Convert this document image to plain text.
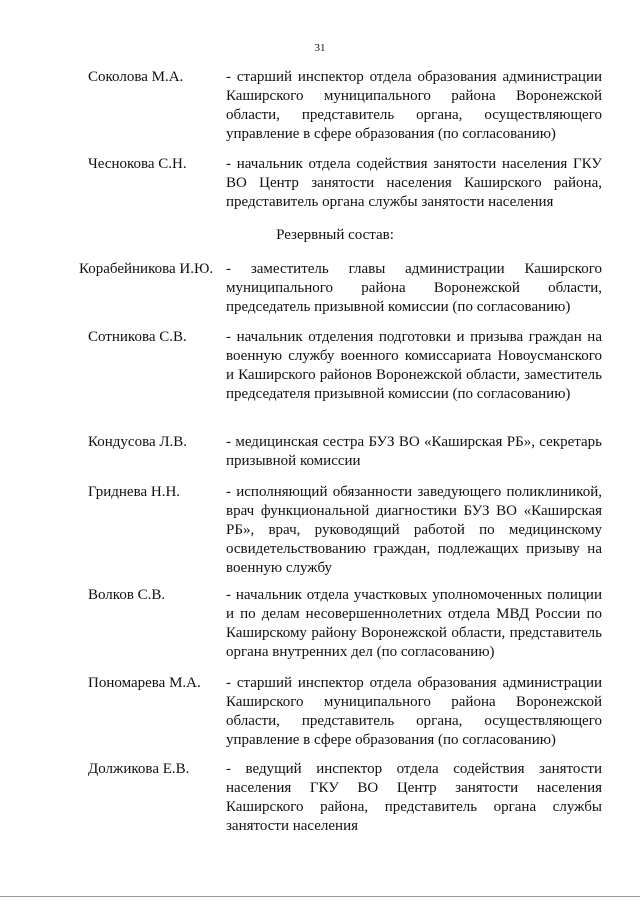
31
Соколова М.А.	- старший инспектор отдела образования администрации Каширского муниципального района Воронежской области, представитель органа, осуществляющего управление в сфере образования (по согласованию)
Чеснокова С.Н.	- начальник отдела содействия занятости населения ГКУ ВО Центр занятости населения Каширского района, представитель органа службы занятости населения
Резервный состав:
Корабейникова И.Ю. - заместитель главы администрации Каширского муниципального района Воронежской области, председатель призывной комиссии (по согласованию)
Сотникова С.В.	- начальник отделения подготовки и призыва граждан на военную службу военного комиссариата Новоусманского и Каширского районов Воронежской области, заместитель председателя призывной комиссии (по согласованию)
Кондусова Л.В.	- медицинская сестра БУЗ ВО «Каширская РБ», секретарь призывной комиссии
Гриднева Н.Н.	- исполняющий обязанности заведующего поликлиникой, врач функциональной диагностики БУЗ ВО «Каширская РБ», врач, руководящий работой по медицинскому освидетельствованию граждан, подлежащих призыву на военную службу
Волков С.В.	- начальник отдела участковых уполномоченных полиции и по делам несовершеннолетних отдела МВД России по Каширскому району Воронежской области, представитель органа внутренних дел (по согласованию)
Пономарева М.А.	- старший инспектор отдела образования администрации Каширского муниципального района Воронежской области, представитель органа, осуществляющего управление в сфере образования (по согласованию)
Должикова Е.В.	- ведущий инспектор отдела содействия занятости населения ГКУ ВО Центр занятости населения Каширского района, представитель органа службы занятости населения
